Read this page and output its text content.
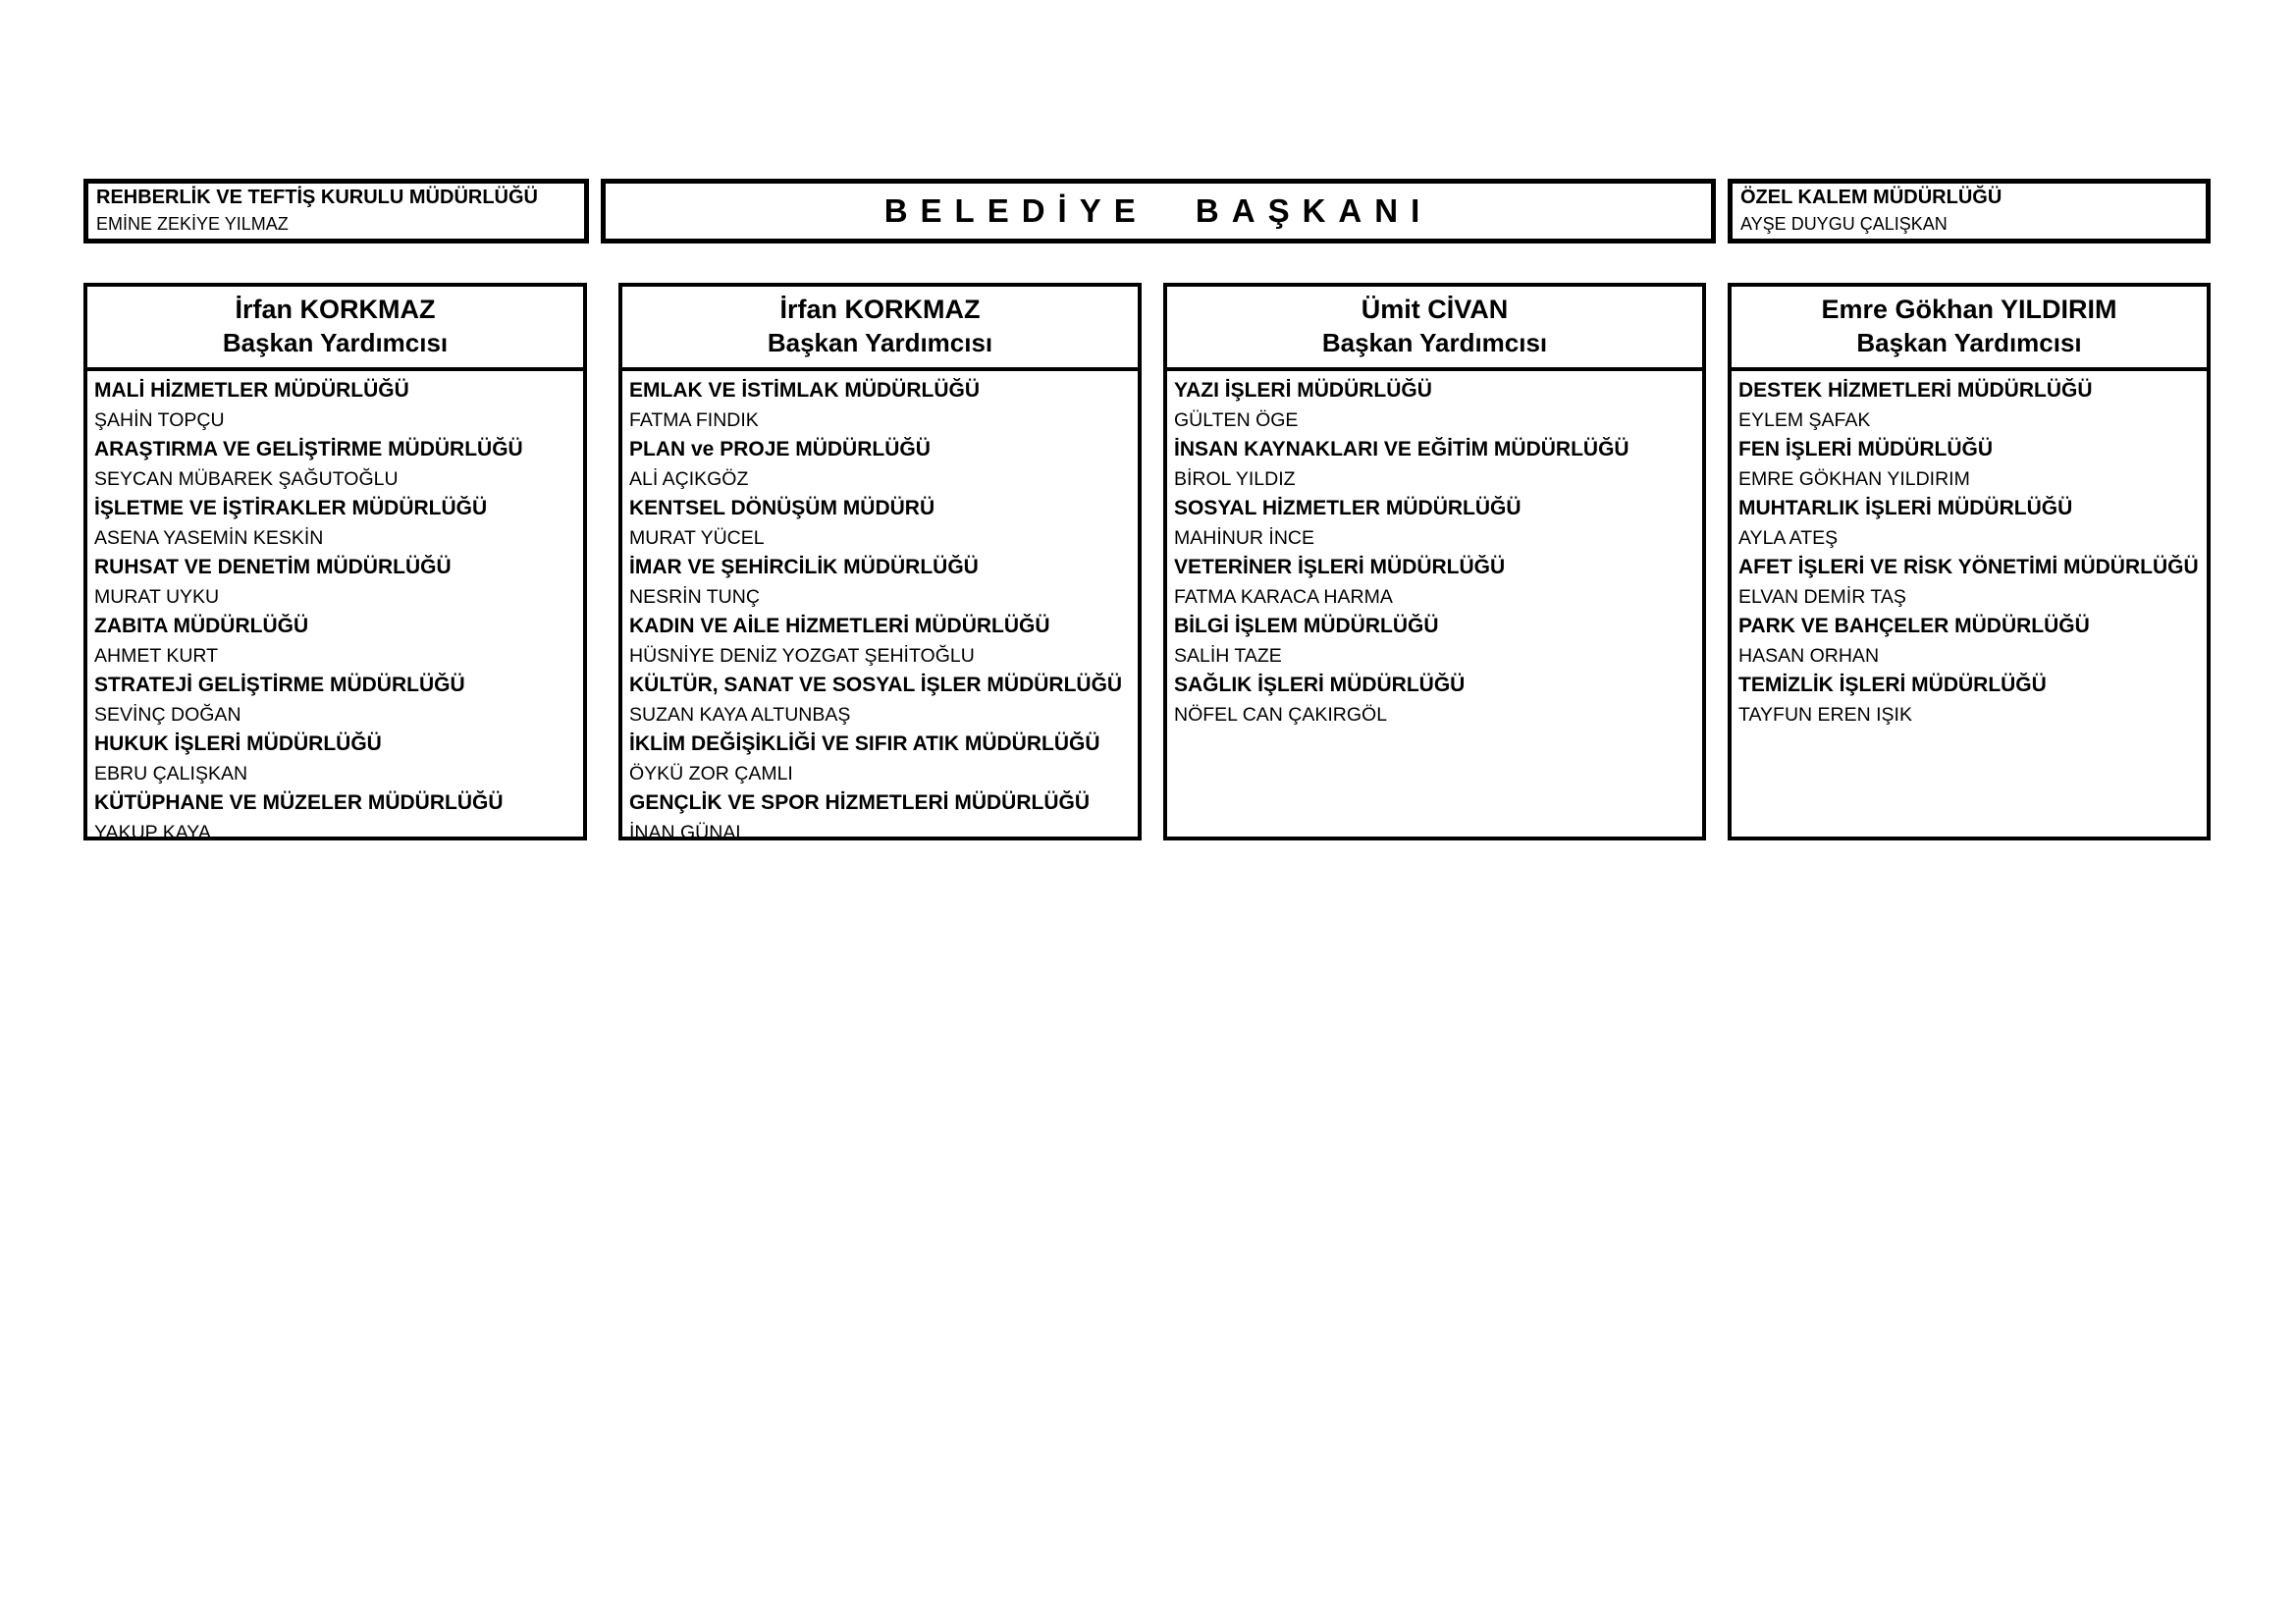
REHBERLİK VE TEFTİŞ KURULU MÜDÜRLÜĞÜ
EMİNE ZEKİYE YILMAZ	BELEDİYE BAŞKANI	ÖZEL KALEM MÜDÜRLÜĞÜ
AYŞE DUYGU ÇALIŞKAN
İrfan KORKMAZ
Başkan Yardımcısı
MALİ HİZMETLER MÜDÜRLÜĞÜ
ŞAHİN TOPÇU
ARAŞTIRMA VE GELİŞTİRME MÜDÜRLÜĞÜ
SEYCAN MÜBAREK ŞAĞUTOĞLU
İŞLETME VE İŞTİRAKLER MÜDÜRLÜĞÜ
ASENA YASEMİN KESKİN
RUHSAT VE DENETİM MÜDÜRLÜĞÜ
MURAT UYKU
ZABITA MÜDÜRLÜĞÜ
AHMET KURT
STRATEJİ GELİŞTİRME MÜDÜRLÜĞÜ
SEVİNÇ DOĞAN
HUKUK İŞLERİ MÜDÜRLÜĞÜ
EBRU ÇALIŞKAN
KÜTÜPHANE VE MÜZELER MÜDÜRLÜĞÜ
YAKUP KAYA
İrfan KORKMAZ
Başkan Yardımcısı
EMLAK VE İSTİMLAK MÜDÜRLÜĞÜ
FATMA FINDIK
PLAN ve PROJE MÜDÜRLÜĞÜ
ALİ AÇIKGÖZ
KENTSEL DÖNÜŞÜM MÜDÜRÜ
MURAT YÜCEL
İMAR VE ŞEHİRCİLİK MÜDÜRLÜĞÜ
NESRİN TUNÇ
KADIN VE AİLE HİZMETLERİ MÜDÜRLÜĞÜ
HÜSNİYE DENİZ YOZGAT ŞEHİTOĞLU
KÜLTÜR, SANAT VE SOSYAL İŞLER MÜDÜRLÜĞÜ
SUZAN KAYA ALTUNBAŞ
İKLİM DEĞİŞİKLİĞİ VE SIFIR ATIK MÜDÜRLÜĞÜ
ÖYKÜ ZOR ÇAMLI
GENÇLİK VE SPOR HİZMETLERİ MÜDÜRLÜĞÜ
İNAN GÜNAL
Ümit CİVAN
Başkan Yardımcısı
YAZI İŞLERİ MÜDÜRLÜĞÜ
GÜLTEN ÖGE
İNSAN KAYNAKLARI VE EĞİTİM MÜDÜRLÜĞÜ
BİROL YILDIZ
SOSYAL HİZMETLER MÜDÜRLÜĞÜ
MAHİNUR İNCE
VETERİNER İŞLERİ MÜDÜRLÜĞÜ
FATMA KARACA HARMA
BİLGİ İŞLEM MÜDÜRLÜĞÜ
SALİH TAZE
SAĞLIK İŞLERİ MÜDÜRLÜĞÜ
NÖFEL CAN ÇAKIRGÖL
Emre Gökhan YILDIRIM
Başkan Yardımcısı
DESTEK HİZMETLERİ MÜDÜRLÜĞÜ
EYLEM ŞAFAK
FEN İŞLERİ MÜDÜRLÜĞÜ
EMRE GÖKHAN YILDIRIM
MUHTARLIK İŞLERİ MÜDÜRLÜĞÜ
AYLA ATEŞ
AFET İŞLERİ VE RİSK YÖNETİMİ MÜDÜRLÜĞÜ
ELVAN DEMİR TAŞ
PARK VE BAHÇELER MÜDÜRLÜĞÜ
HASAN ORHAN
TEMİZLİK İŞLERİ MÜDÜRLÜĞÜ
TAYFUN EREN IŞIK
